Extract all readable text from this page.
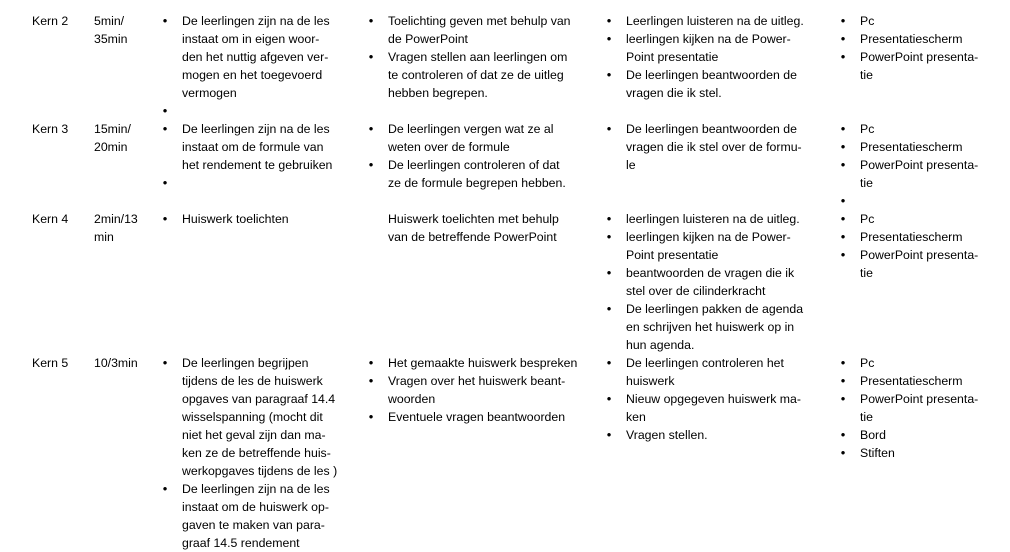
Kern 2	5min/
35min
• De leerlingen zijn na de les
instaat om in eigen woor-
den het nuttig afgeven ver-
mogen en het toegevoerd
vermogen
•
• Toelichting geven met behulp van
de PowerPoint
• Vragen stellen aan leerlingen om
te controleren of dat ze de uitleg
hebben begrepen.
• Leerlingen luisteren na de uitleg.
• leerlingen kijken na de Power-
Point presentatie
• De leerlingen beantwoorden de
vragen die ik stel.
• Pc
• Presentatiescherm
• PowerPoint presenta-
tie
Kern 3	15min/
20min
• De leerlingen zijn na de les
instaat om de formule van
het rendement te gebruiken
•
• De leerlingen vergen wat ze al
weten over de formule
• De leerlingen controleren of dat
ze de formule begrepen hebben.
• De leerlingen beantwoorden de
vragen die ik stel over de formu-
le
• Pc
• Presentatiescherm
• PowerPoint presenta-
tie
•
Kern 4	2min/13
min
• Huiswerk toelichten	Huiswerk toelichten met behulp
van de betreffende PowerPoint
• leerlingen luisteren na de uitleg.
• leerlingen kijken na de Power-
Point presentatie
• beantwoorden de vragen die ik
stel over de cilinderkracht
• De leerlingen pakken de agenda
en schrijven het huiswerk op in
hun agenda.
• Pc
• Presentatiescherm
• PowerPoint presenta-
tie
Kern 5	10/3min
•	De leerlingen begrijpen
tijdens de les de huiswerk
opgaves van paragraaf 14.4
wisselspanning (mocht dit
niet het geval zijn dan ma-
ken ze de betreffende huis-
werkopgaves tijdens de les )
• De leerlingen zijn na de les
instaat om de huiswerk op-
gaven te maken van para-
graaf 14.5 rendement
• Het gemaakte huiswerk bespreken
• Vragen over het huiswerk beant-
woorden
• Eventuele vragen beantwoorden
• De leerlingen controleren het
huiswerk
• Nieuw opgegeven huiswerk ma-
ken
• Vragen stellen.
• Pc
• Presentatiescherm
• PowerPoint presenta-
tie
• Bord
• Stiften
